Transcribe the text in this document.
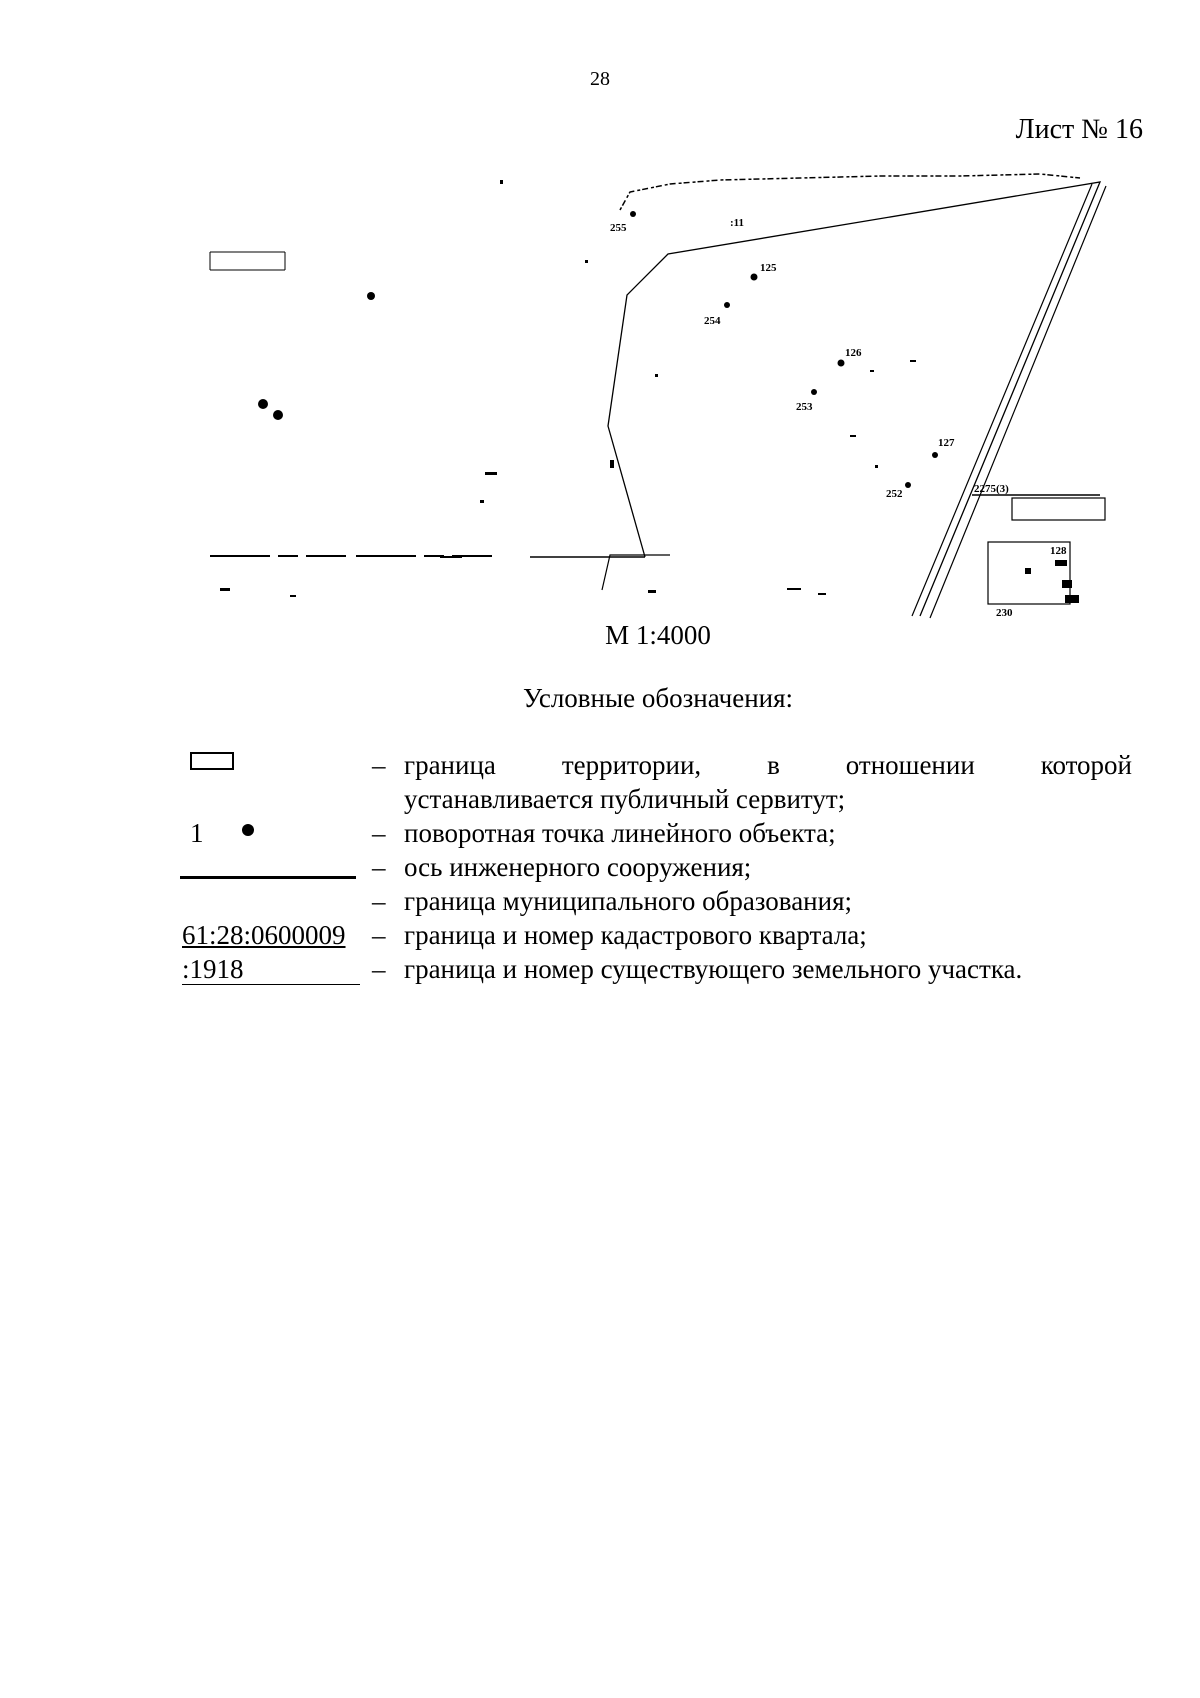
28
Лист № 16
125
126
127
252
253
254
255	:11
2275(3)
230
128
М 1:4000
Условные обозначения:
– граница территории, в отношении которой
устанавливается публичный сервитут;
1	– поворотная точка линейного объекта;
– ось инженерного сооружения;
– граница муниципального образования;
61:28:0600009 – граница и номер кадастрового квартала;
:1918	– граница и номер существующего земельного участка.
